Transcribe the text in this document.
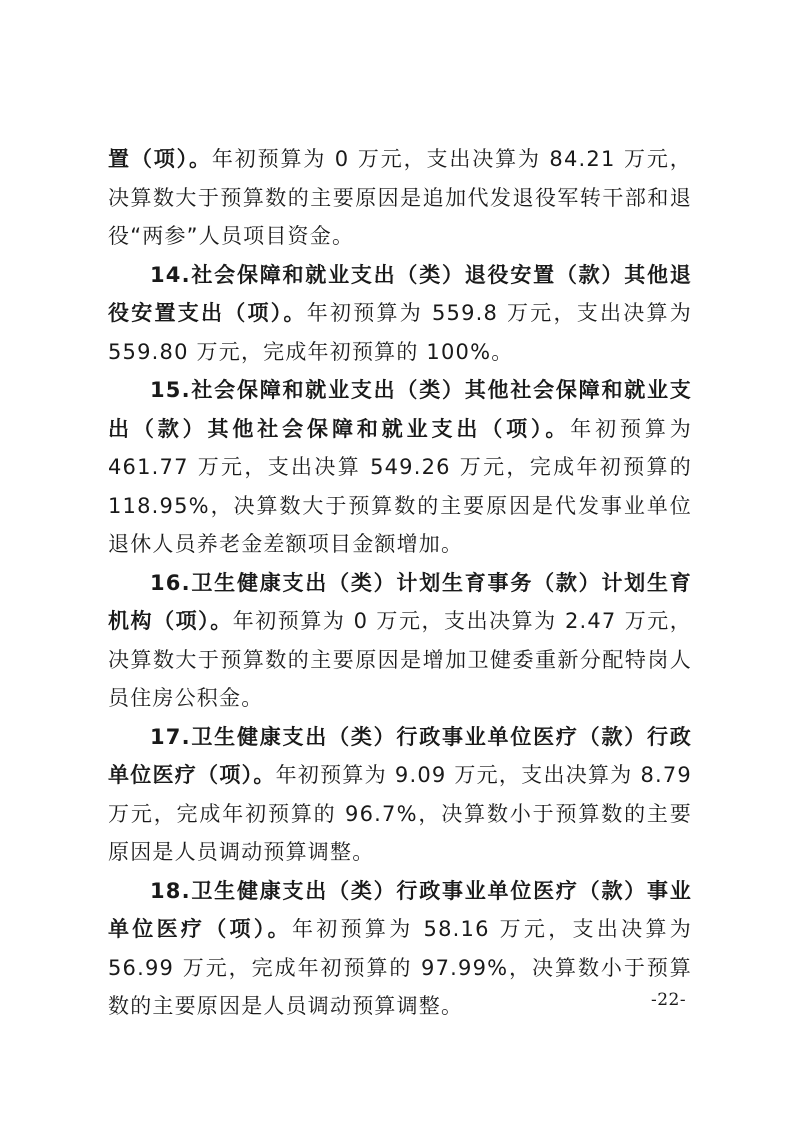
置（项）。年初预算为 0 万元，支出决算为 84.21 万元，决算数大于预算数的主要原因是追加代发退役军转干部和退役“两参”人员项目资金。

14.社会保障和就业支出（类）退役安置（款）其他退役安置支出（项）。年初预算为 559.8 万元，支出决算为 559.80 万元，完成年初预算的 100%。

15.社会保障和就业支出（类）其他社会保障和就业支出（款）其他社会保障和就业支出（项）。年初预算为 461.77 万元，支出决算 549.26 万元，完成年初预算的 118.95%，决算数大于预算数的主要原因是代发事业单位退休人员养老金差额项目金额增加。

16.卫生健康支出（类）计划生育事务（款）计划生育机构（项）。年初预算为 0 万元，支出决算为 2.47 万元，决算数大于预算数的主要原因是增加卫健委重新分配特岗人员住房公积金。

17.卫生健康支出（类）行政事业单位医疗（款）行政单位医疗（项）。年初预算为 9.09 万元，支出决算为 8.79 万元，完成年初预算的 96.7%，决算数小于预算数的主要原因是人员调动预算调整。

18.卫生健康支出（类）行政事业单位医疗（款）事业单位医疗（项）。年初预算为 58.16 万元，支出决算为 56.99 万元，完成年初预算的 97.99%，决算数小于预算数的主要原因是人员调动预算调整。	-22-
